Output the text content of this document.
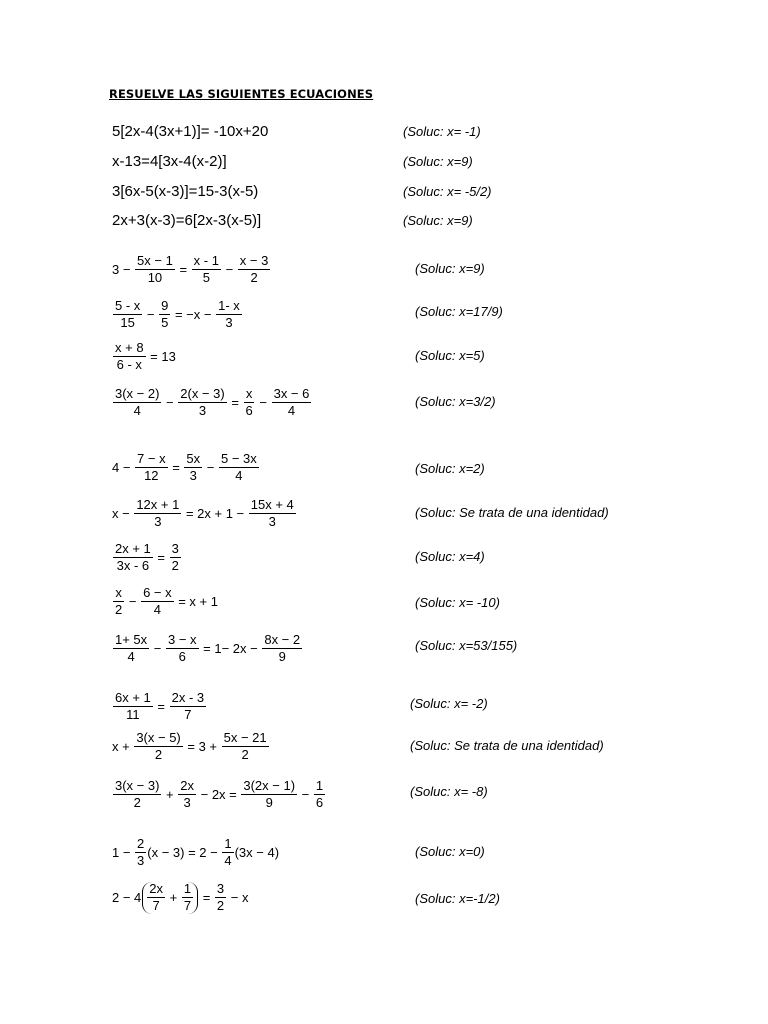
RESUELVE LAS SIGUIENTES ECUACIONES
5[2x-4(3x+1)]= -10x+20	(Soluc: x= -1)
x-13=4[3x-4(x-2)]	(Soluc: x=9)
3[6x-5(x-3)]=15-3(x-5)	(Soluc: x= -5/2)
2x+3(x-3)=6[2x-3(x-5)]	(Soluc: x=9)
$3 - \frac{5x - 1}{10} = \frac{x - 1}{5} - \frac{x - 3}{2}$	(Soluc: x=9)
$\frac{5 - x}{15} - \frac{9}{5} = -x - \frac{1- x}{3}$	(Soluc: x=17/9)
$\frac{x + 8}{6 - x} = 13$	(Soluc: x=5)
$\frac{3(x - 2)}{4} - \frac{2(x - 3)}{3} = \frac{x}{6} - \frac{3x - 6}{4}$	(Soluc: x=3/2)
$4 - \frac{7 - x}{12} = \frac{5x}{3} - \frac{5 - 3x}{4}$	(Soluc: x=2)
$x - \frac{12x + 1}{3} = 2x + 1 - \frac{15x + 4}{3}$	(Soluc: Se trata de una identidad)
$\frac{2x + 1}{3x - 6} = \frac{3}{2}$	(Soluc: x=4)
$\frac{x}{2} - \frac{6 - x}{4} = x + 1$	(Soluc: x= -10)
$\frac{1+ 5x}{4} - \frac{3 - x}{6} = 1- 2x - \frac{8x - 2}{9}$	(Soluc: x=53/155)
$\frac{6x + 1}{11} = \frac{2x - 3}{7}$	(Soluc: x= -2)
$x + \frac{3(x - 5)}{2} = 3 + \frac{5x - 21}{2}$	(Soluc: Se trata de una identidad)
$\frac{3(x - 3)}{2} + \frac{2x}{3} - 2x = \frac{3(2x - 1)}{9} - \frac{1}{6}$	(Soluc: x= -8)
$1 - \frac{2}{3} (x - 3) = 2 - \frac{1}{4} (3x - 4)$	(Soluc: x=0)
$2 - 4 \frac{2x}{7} + \frac{1}{7} = \frac{3}{2} - x$	(Soluc: x=-1/2)
